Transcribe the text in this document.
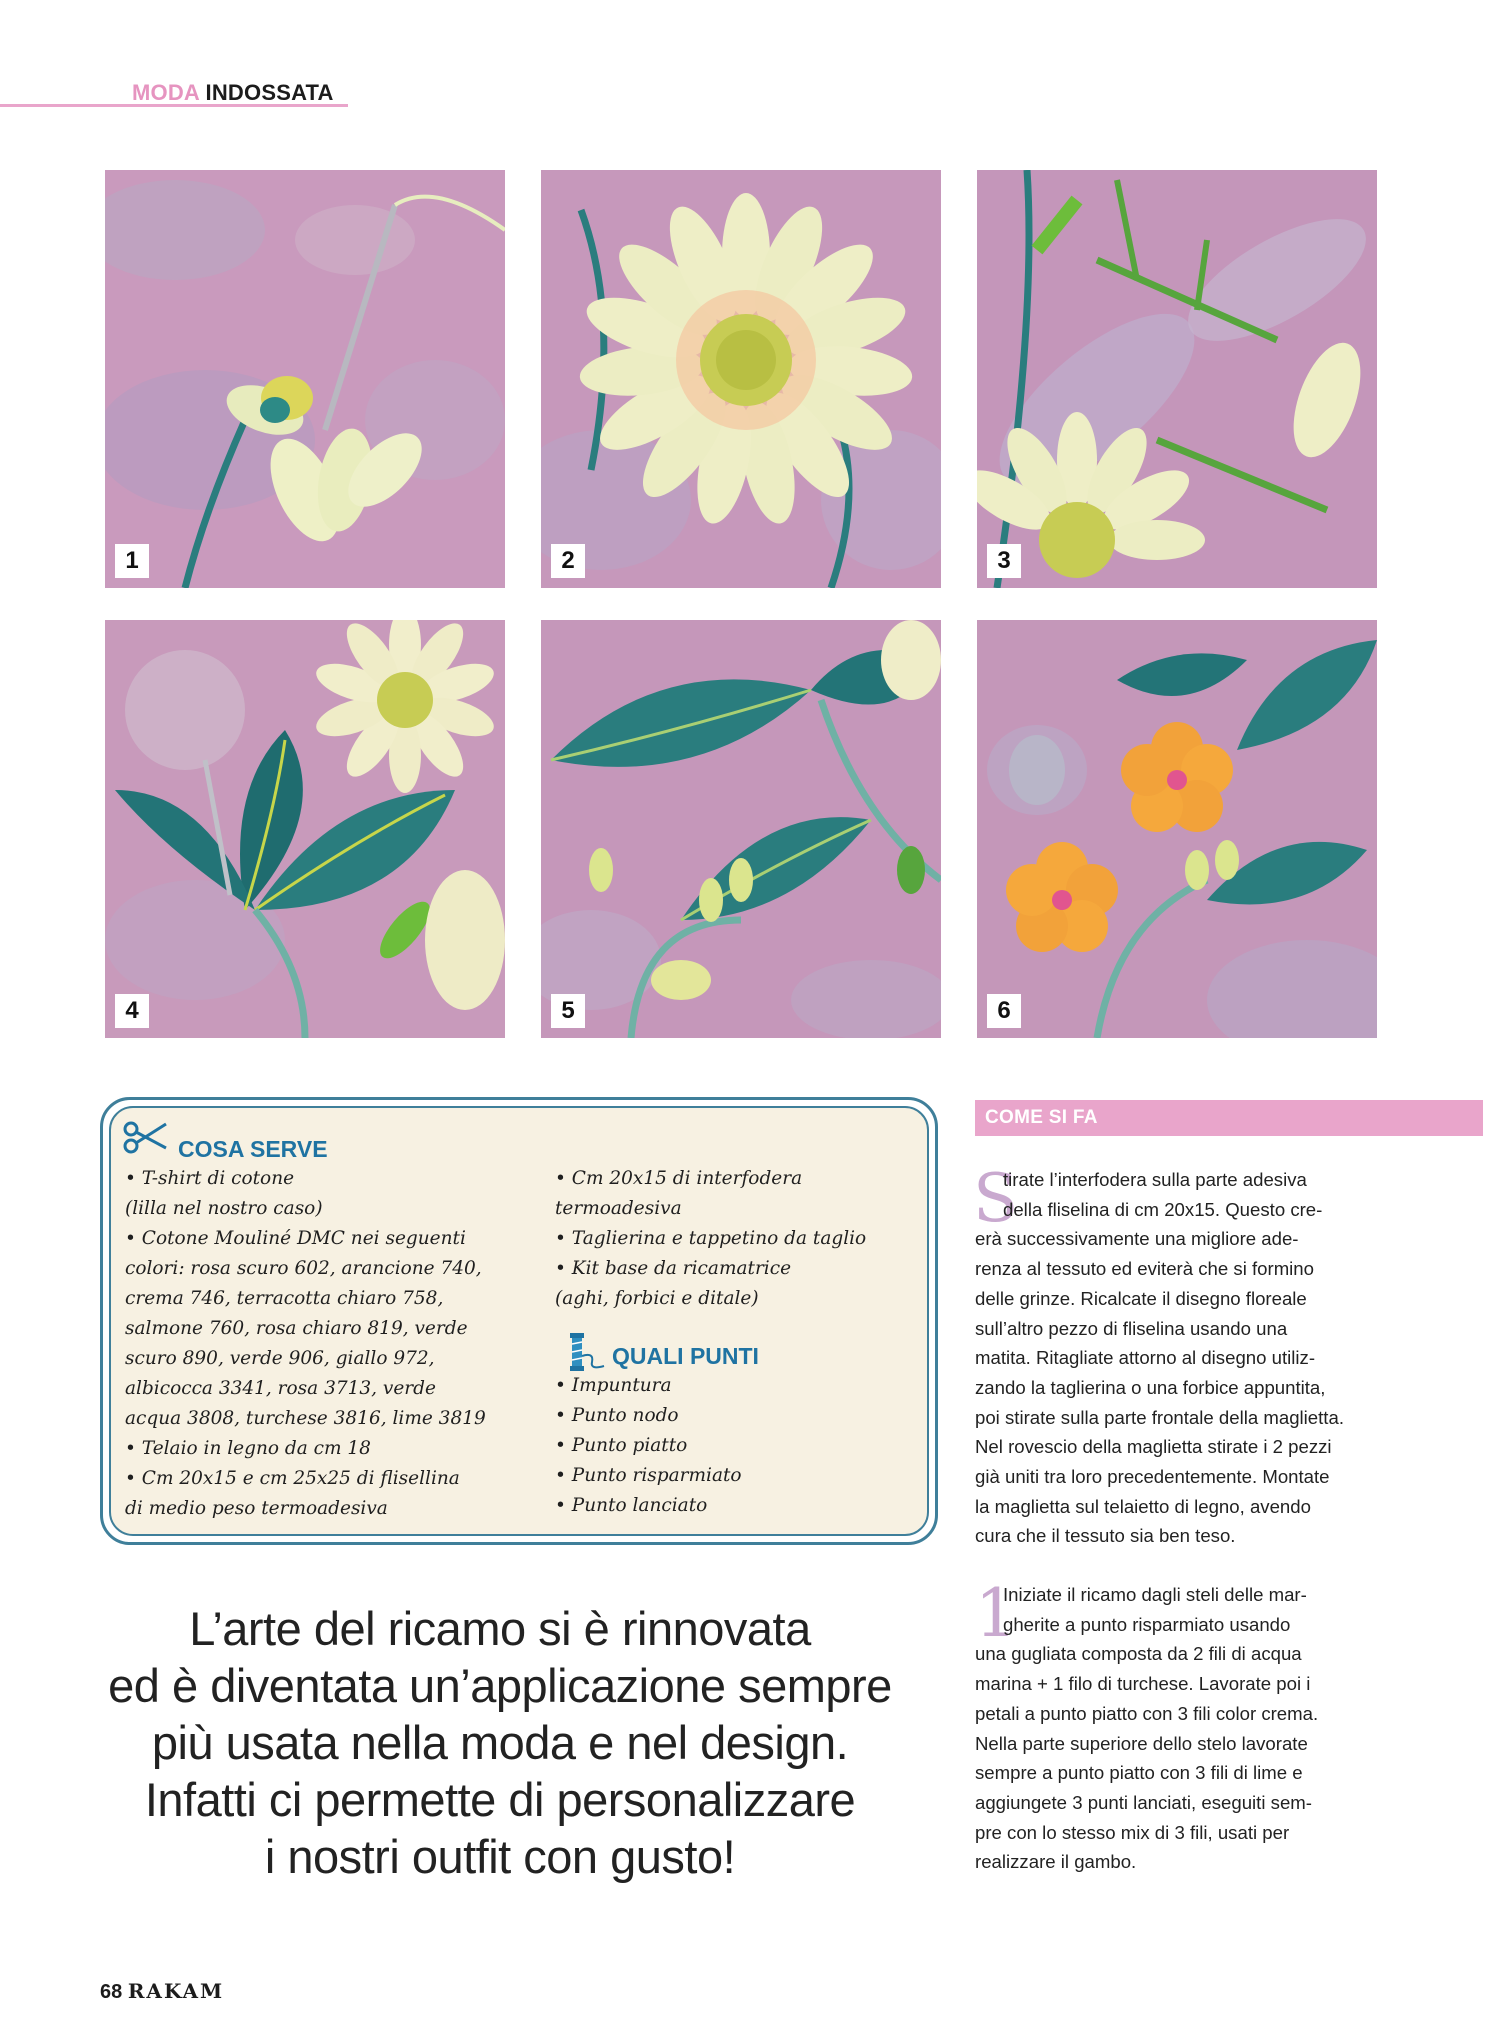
MODA INDOSSATA
1	2	3
4	5	6
COSA SERVE
• T-shirt di cotone
(lilla nel nostro caso)
• Cotone Mouliné DMC nei seguenti
colori: rosa scuro 602, arancione 740,
crema 746, terracotta chiaro 758,
salmone 760, rosa chiaro 819, verde
scuro 890, verde 906, giallo 972,
albicocca 3341, rosa 3713, verde
acqua 3808, turchese 3816, lime 3819
• Telaio in legno da cm 18
• Cm 20x15 e cm 25x25 di flisellina
di medio peso termoadesiva
• Cm 20x15 di interfodera
termoadesiva
• Taglierina e tappetino da taglio
• Kit base da ricamatrice
(aghi, forbici e ditale)
QUALI PUNTI
• Impuntura
• Punto nodo
• Punto piatto
• Punto risparmiato
• Punto lanciato
L’arte del ricamo si è rinnovata
ed è diventata un’applicazione sempre
più usata nella moda e nel design.
Infatti ci permette di personalizzare
i nostri outfit con gusto!
COME SI FA
S
tirate l’interfodera sulla parte adesiva
della fliselina di cm 20x15. Questo cre-
erà successivamente una migliore ade-
renza al tessuto ed eviterà che si formino
delle grinze. Ricalcate il disegno floreale
sull’altro pezzo di fliselina usando una
matita. Ritagliate attorno al disegno utiliz-
zando la taglierina o una forbice appuntita,
poi stirate sulla parte frontale della maglietta.
Nel rovescio della maglietta stirate i 2 pezzi
già uniti tra loro precedentemente. Montate
la maglietta sul telaietto di legno, avendo
cura che il tessuto sia ben teso.
1
Iniziate il ricamo dagli steli delle mar-
gherite a punto risparmiato usando
una gugliata composta da 2 fili di acqua
marina + 1 filo di turchese. Lavorate poi i
petali a punto piatto con 3 fili color crema.
Nella parte superiore dello stelo lavorate
sempre a punto piatto con 3 fili di lime e
aggiungete 3 punti lanciati, eseguiti sem-
pre con lo stesso mix di 3 fili, usati per
realizzare il gambo.
68 RAKAM
